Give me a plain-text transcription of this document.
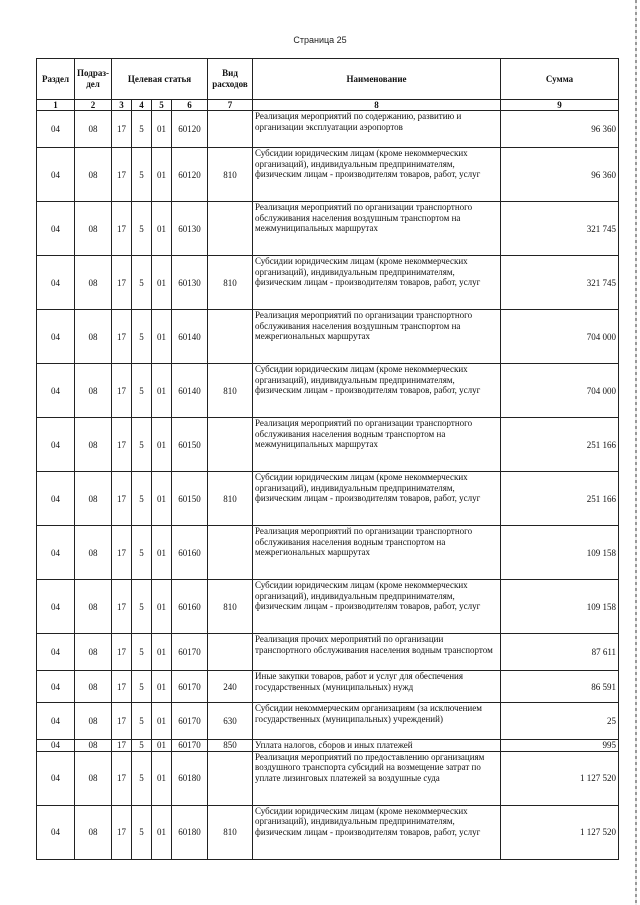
Страница 25
Раздел	Подраз-дел	Целевая статья				Вид расходов	Наименование	Сумма
1	2	3	4	5	6	7	8	9
04	08	17	5	01	60120		Реализация мероприятий по содержанию, развитию и организации эксплуатации аэропортов	96 360
04	08	17	5	01	60120	810	Субсидии юридическим лицам (кроме некоммерческих организаций), индивидуальным предпринимателям, физическим лицам - производителям товаров, работ, услуг	96 360
04	08	17	5	01	60130		Реализация мероприятий по организации транспортного обслуживания населения воздушным транспортом на межмуниципальных маршрутах	321 745
04	08	17	5	01	60130	810	Субсидии юридическим лицам (кроме некоммерческих организаций), индивидуальным предпринимателям, физическим лицам - производителям товаров, работ, услуг	321 745
04	08	17	5	01	60140		Реализация мероприятий по организации транспортного обслуживания населения воздушным транспортом на межрегиональных маршрутах	704 000
04	08	17	5	01	60140	810	Субсидии юридическим лицам (кроме некоммерческих организаций), индивидуальным предпринимателям, физическим лицам - производителям товаров, работ, услуг	704 000
04	08	17	5	01	60150		Реализация мероприятий по организации транспортного обслуживания населения водным транспортом на межмуниципальных маршрутах	251 166
04	08	17	5	01	60150	810	Субсидии юридическим лицам (кроме некоммерческих организаций), индивидуальным предпринимателям, физическим лицам - производителям товаров, работ, услуг	251 166
04	08	17	5	01	60160		Реализация мероприятий по организации транспортного обслуживания населения водным транспортом на межрегиональных маршрутах	109 158
04	08	17	5	01	60160	810	Субсидии юридическим лицам (кроме некоммерческих организаций), индивидуальным предпринимателям, физическим лицам - производителям товаров, работ, услуг	109 158
04	08	17	5	01	60170		Реализация прочих мероприятий по организации транспортного обслуживания населения водным транспортом	87 611
04	08	17	5	01	60170	240	Иные закупки товаров, работ и услуг для обеспечения государственных (муниципальных) нужд	86 591
04	08	17	5	01	60170	630	Субсидии некоммерческим организациям (за исключением государственных (муниципальных) учреждений)	25
04	08	17	5	01	60170	850	Уплата налогов, сборов и иных платежей	995
04	08	17	5	01	60180		Реализация мероприятий по предоставлению организациям воздушного транспорта субсидий на возмещение затрат по уплате лизинговых платежей за воздушные суда	1 127 520
04	08	17	5	01	60180	810	Субсидии юридическим лицам (кроме некоммерческих организаций), индивидуальным предпринимателям, физическим лицам - производителям товаров, работ, услуг	1 127 520
